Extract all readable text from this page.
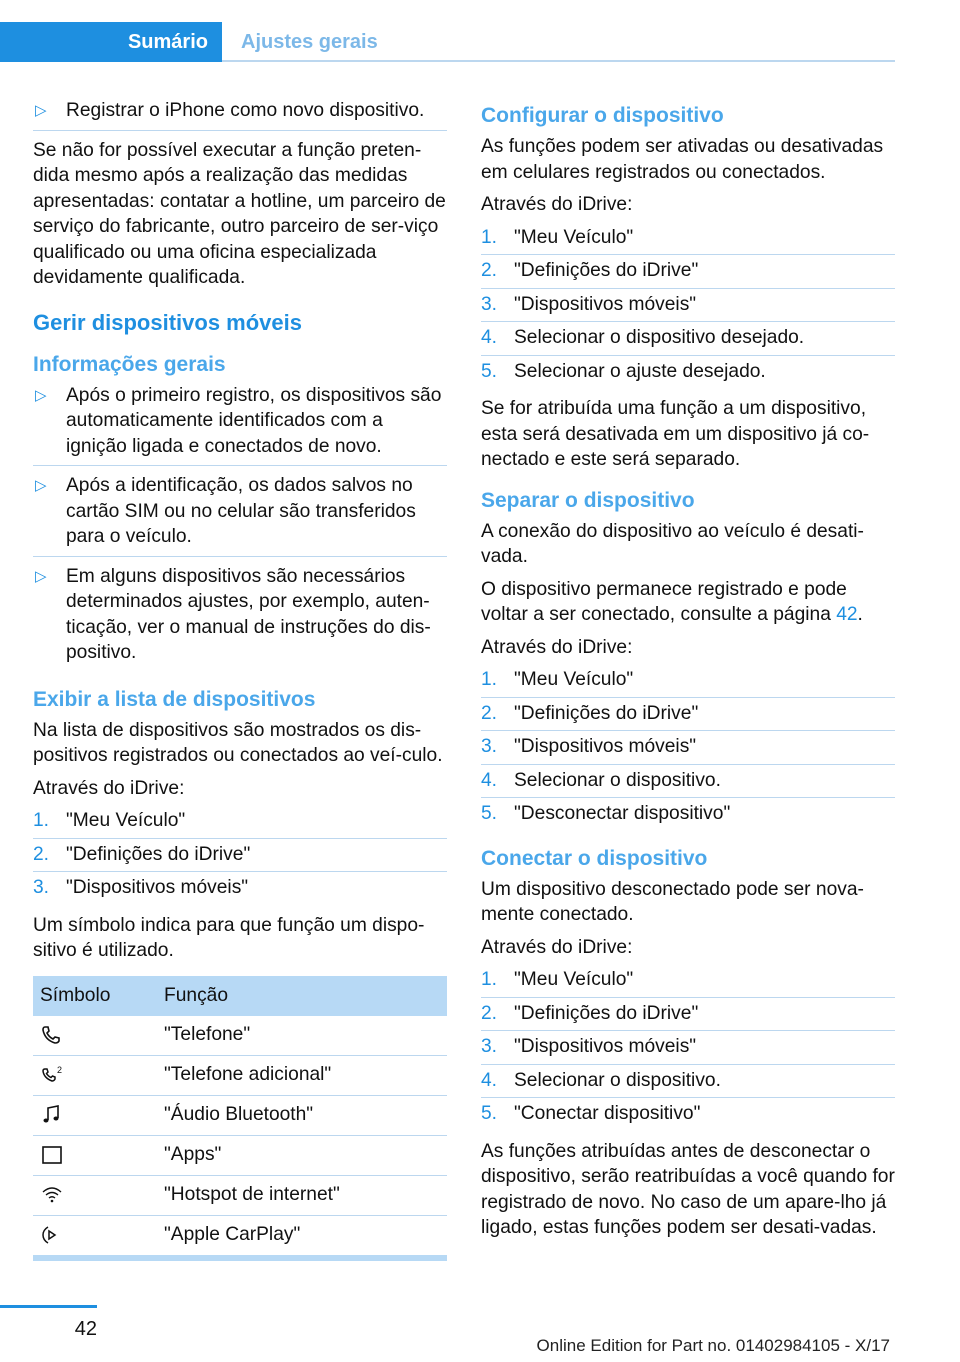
Sumário	Ajustes gerais
▷ Registrar o iPhone como novo dispositivo.

Se não for possível executar a função preten‐dida mesmo após a realização das medidas apresentadas: contatar a hotline, um parceiro de serviço do fabricante, outro parceiro de ser‐viço qualificado ou uma oficina especializada devidamente qualificada.

Gerir dispositivos móveis
Informações gerais
▷ Após o primeiro registro, os dispositivos são automaticamente identificados com a ignição ligada e conectados de novo.
▷ Após a identificação, os dados salvos no cartão SIM ou no celular são transferidos para o veículo.
▷ Em alguns dispositivos são necessários determinados ajustes, por exemplo, auten‐ticação, ver o manual de instruções do dis‐positivo.
Exibir a lista de dispositivos

Na lista de dispositivos são mostrados os dis‐positivos registrados ou conectados ao veí‐culo.

Através do iDrive:

1. "Meu Veículo"
2. "Definições do iDrive"
3. "Dispositivos móveis"

Um símbolo indica para que função um dispo‐sitivo é utilizado.

Símbolo	Função

	"Telefone"

2	"Telefone adicional"

	"Áudio Bluetooth"

	"Apps"

	"Hotspot de internet"

	"Apple CarPlay"
Configurar o dispositivo

As funções podem ser ativadas ou desativadas em celulares registrados ou conectados.

Através do iDrive:

1. "Meu Veículo"
2. "Definições do iDrive"
3. "Dispositivos móveis"
4. Selecionar o dispositivo desejado.
5. Selecionar o ajuste desejado.

Se for atribuída uma função a um dispositivo, esta será desativada em um dispositivo já co‐nectado e este será separado.

Separar o dispositivo

A conexão do dispositivo ao veículo é desati‐vada.

O dispositivo permanece registrado e pode voltar a ser conectado, consulte a página 42.

Através do iDrive:

1. "Meu Veículo"
2. "Definições do iDrive"
3. "Dispositivos móveis"
4. Selecionar o dispositivo.
5. "Desconectar dispositivo"
Conectar o dispositivo

Um dispositivo desconectado pode ser nova‐mente conectado.

Através do iDrive:

1. "Meu Veículo"
2. "Definições do iDrive"
3. "Dispositivos móveis"
4. Selecionar o dispositivo.
5. "Conectar dispositivo"

As funções atribuídas antes de desconectar o dispositivo, serão reatribuídas a você quando for registrado de novo. No caso de um apare‐lho já ligado, estas funções podem ser desati‐vadas.

42
Online Edition for Part no. 01402984105 - X/17
